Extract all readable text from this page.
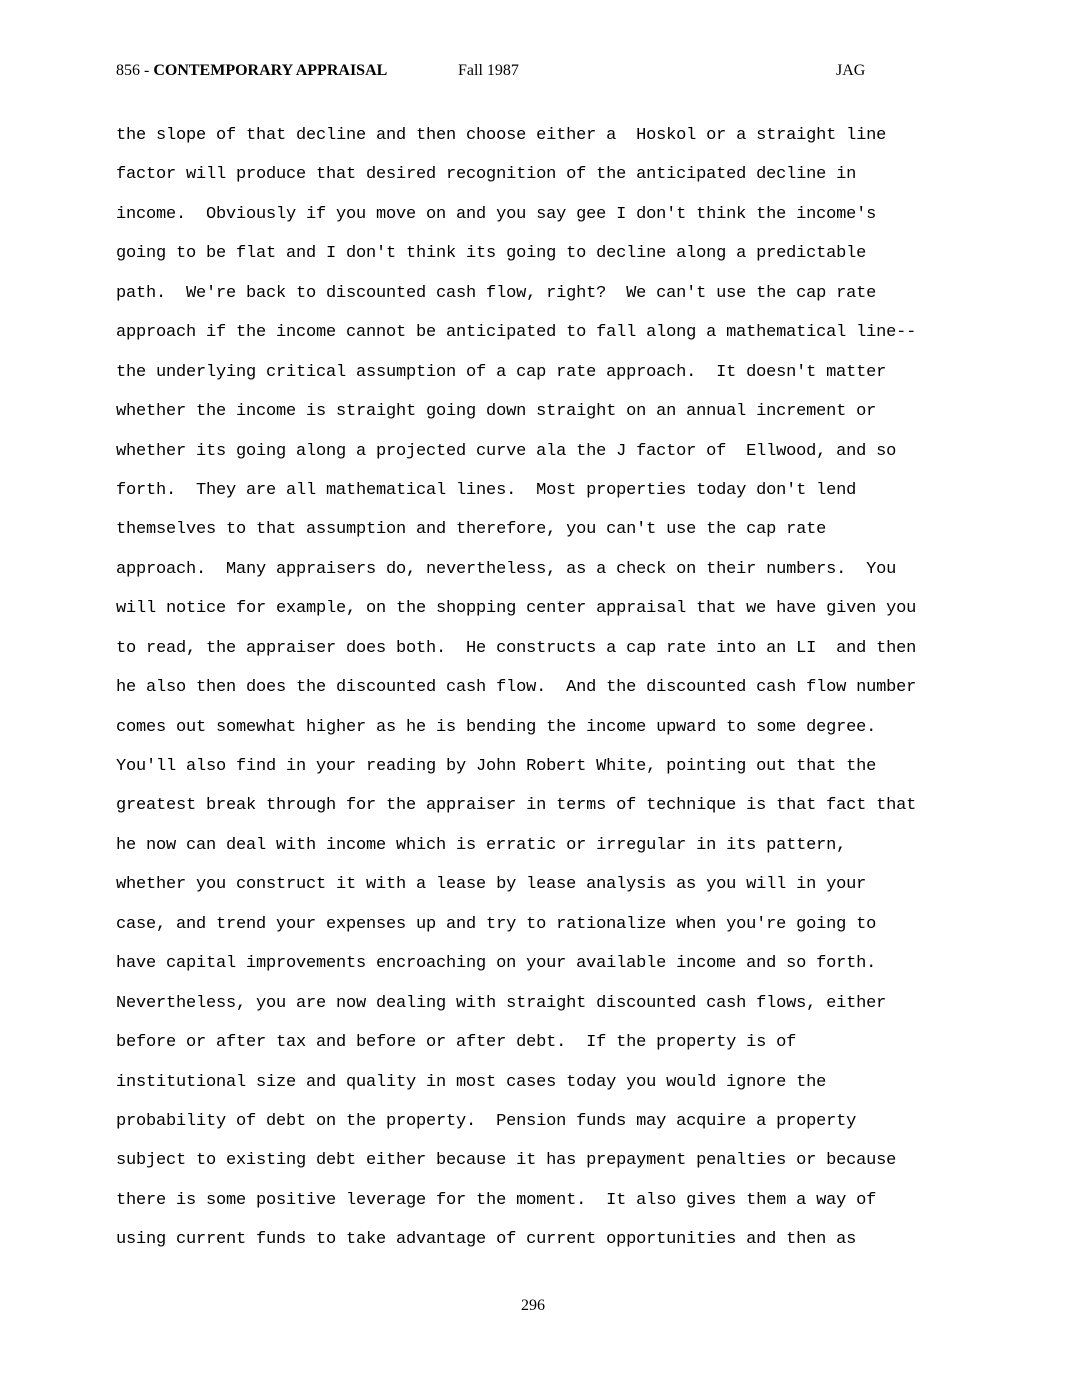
856 - CONTEMPORARY APPRAISAL	Fall 1987	JAG
the slope of that decline and then choose either a  Hoskol or a straight line
factor will produce that desired recognition of the anticipated decline in
income.  Obviously if you move on and you say gee I don't think the income's
going to be flat and I don't think its going to decline along a predictable
path.  We're back to discounted cash flow, right?  We can't use the cap rate
approach if the income cannot be anticipated to fall along a mathematical line--
the underlying critical assumption of a cap rate approach.  It doesn't matter
whether the income is straight going down straight on an annual increment or
whether its going along a projected curve ala the J factor of  Ellwood, and so
forth.  They are all mathematical lines.  Most properties today don't lend
themselves to that assumption and therefore, you can't use the cap rate
approach.  Many appraisers do, nevertheless, as a check on their numbers.  You
will notice for example, on the shopping center appraisal that we have given you
to read, the appraiser does both.  He constructs a cap rate into an LI  and then
he also then does the discounted cash flow.  And the discounted cash flow number
comes out somewhat higher as he is bending the income upward to some degree.
You'll also find in your reading by John Robert White, pointing out that the
greatest break through for the appraiser in terms of technique is that fact that
he now can deal with income which is erratic or irregular in its pattern,
whether you construct it with a lease by lease analysis as you will in your
case, and trend your expenses up and try to rationalize when you're going to
have capital improvements encroaching on your available income and so forth.
Nevertheless, you are now dealing with straight discounted cash flows, either
before or after tax and before or after debt.  If the property is of
institutional size and quality in most cases today you would ignore the
probability of debt on the property.  Pension funds may acquire a property
subject to existing debt either because it has prepayment penalties or because
there is some positive leverage for the moment.  It also gives them a way of
using current funds to take advantage of current opportunities and then as
296
